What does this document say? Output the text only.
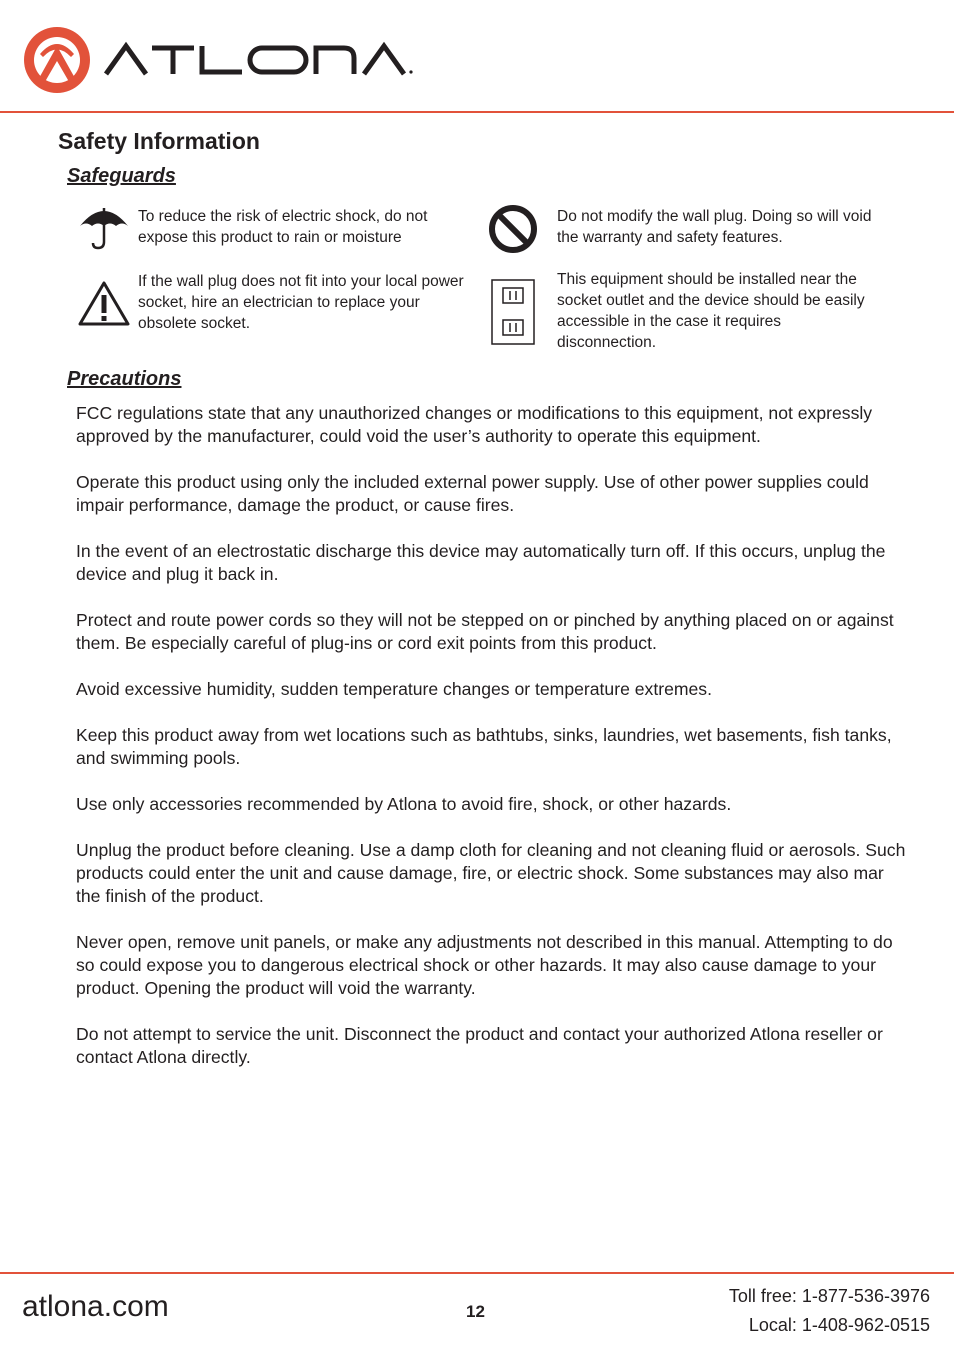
Safety Information
Safeguards
To reduce the risk of electric shock, do not expose this product to rain or moisture
Do not modify the wall plug. Doing so will void the warranty and safety features.
If the wall plug does not fit into your local power socket, hire an electrician to replace your obsolete socket.
This equipment should be installed near the socket outlet and the device should be easily accessible in the case it requires disconnection.
Precautions

FCC regulations state that any unauthorized changes or modifications to this equipment, not expressly approved by the manufacturer, could void the user’s authority to operate this equipment.

Operate this product using only the included external power supply. Use of other power supplies could impair performance, damage the product, or cause fires.

In the event of an electrostatic discharge this device may automatically turn off. If this occurs, unplug the device and plug it back in.

Protect and route power cords so they will not be stepped on or pinched by anything placed on or against them. Be especially careful of plug-ins or cord exit points from this product.

Avoid excessive humidity, sudden temperature changes or temperature extremes.

Keep this product away from wet locations such as bathtubs, sinks, laundries, wet basements, fish tanks, and swimming pools.

Use only accessories recommended by Atlona to avoid fire, shock, or other hazards.

Unplug the product before cleaning. Use a damp cloth for cleaning and not cleaning fluid or aerosols. Such products could enter the unit and cause damage, fire, or electric shock. Some substances may also mar the finish of the product.

Never open, remove unit panels, or make any adjustments not described in this manual. Attempting to do so could expose you to dangerous electrical shock or other hazards. It may also cause damage to your product. Opening the product will void the warranty.

Do not attempt to service the unit. Disconnect the product and contact your authorized Atlona reseller or contact Atlona directly.

atlona.com	12
Toll free: 1-877-536-3976
Local: 1-408-962-0515
